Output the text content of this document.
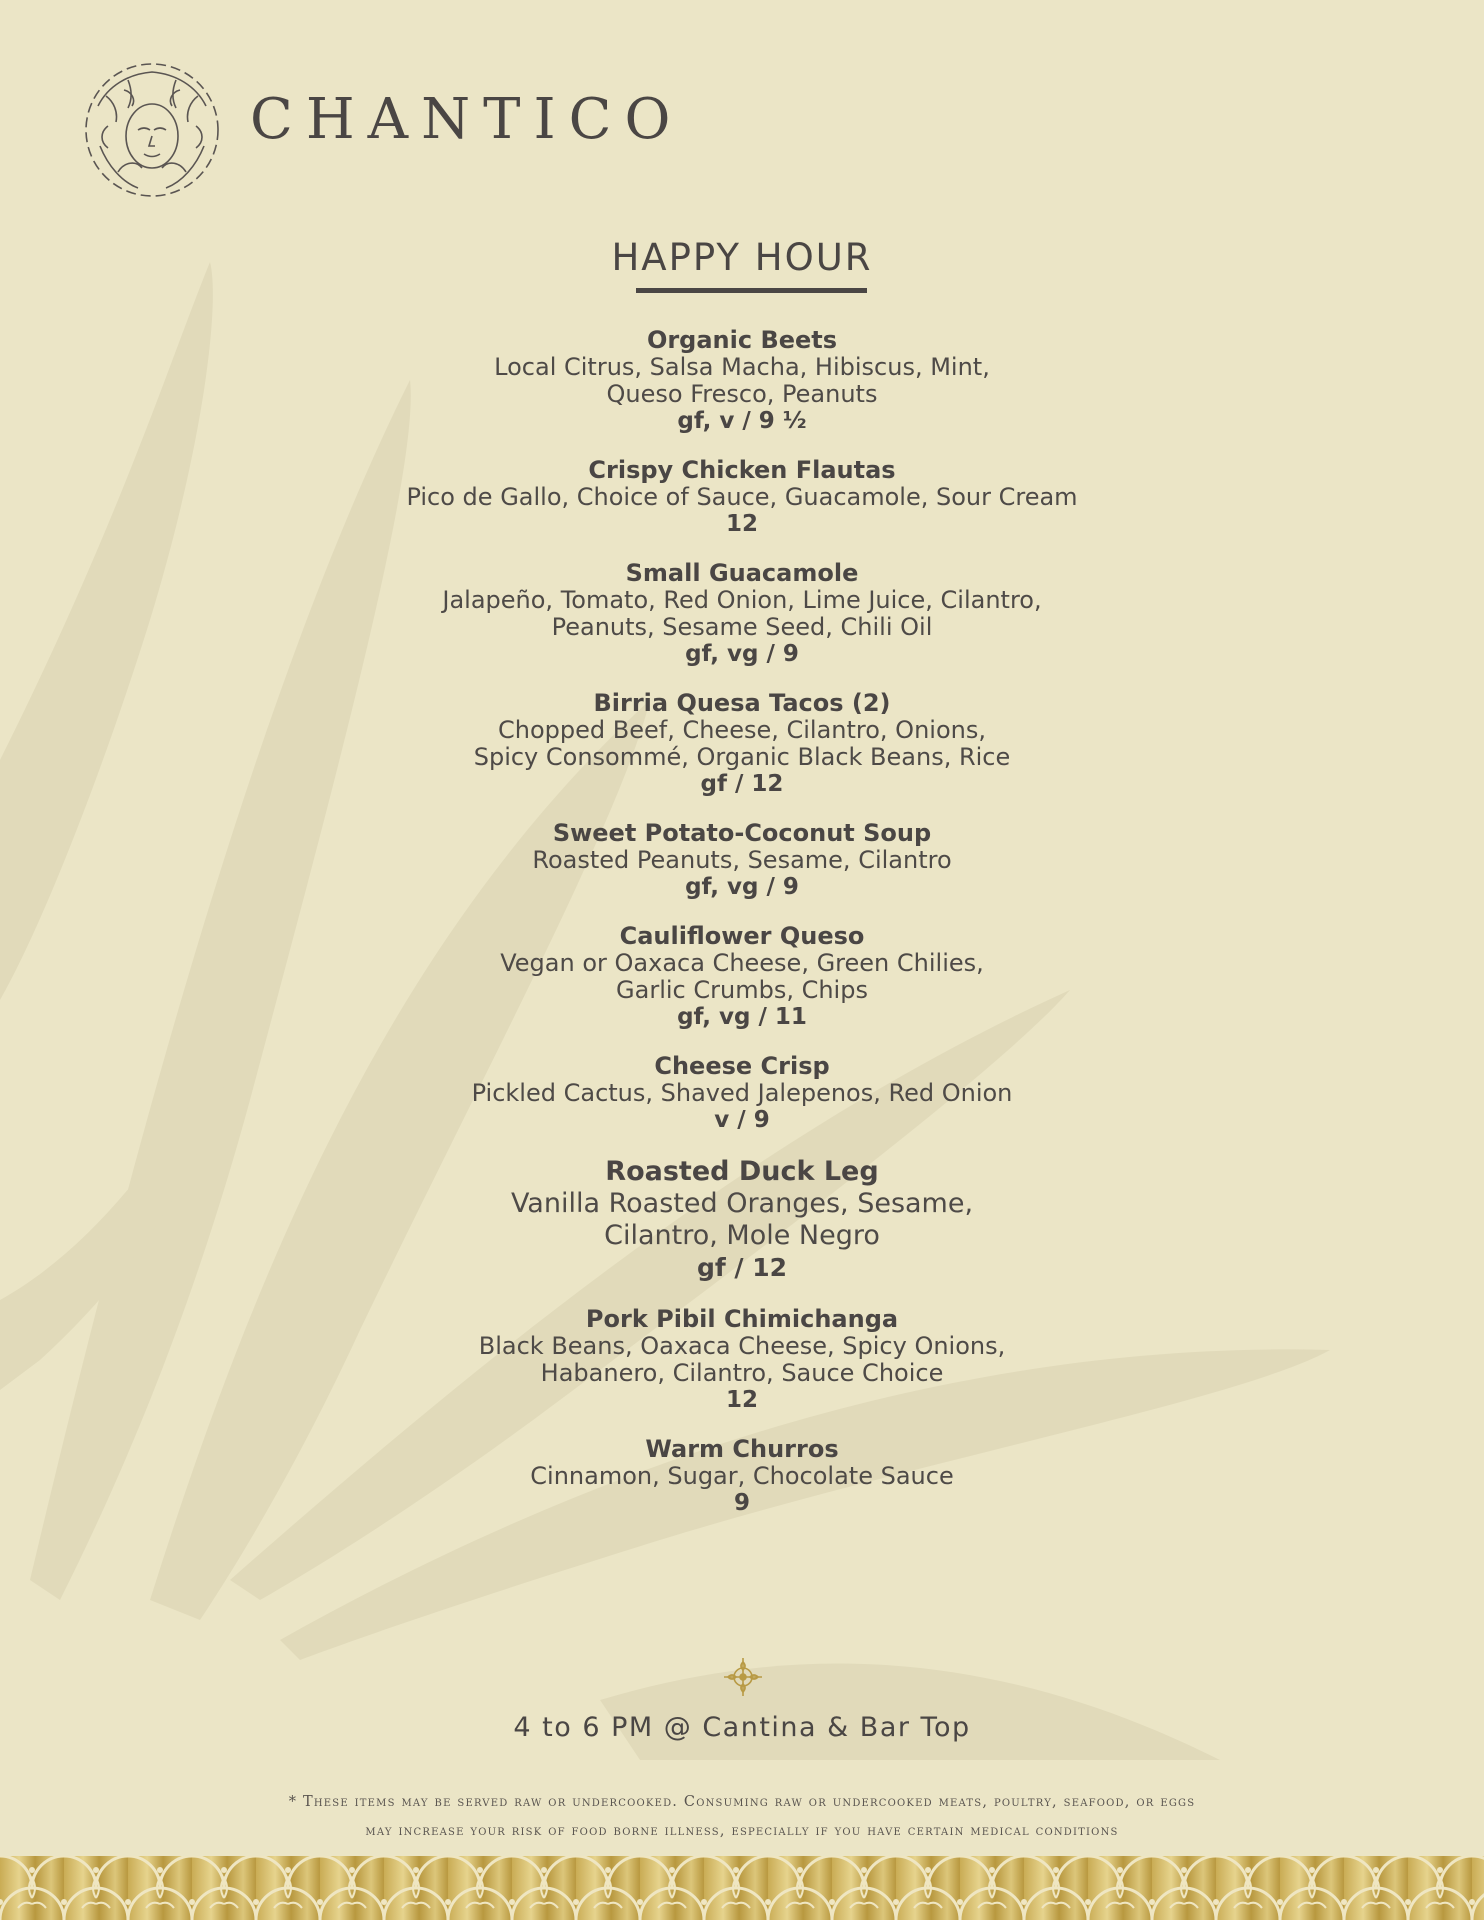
CHANTICO
HAPPY HOUR
Organic Beets
Local Citrus, Salsa Macha, Hibiscus, Mint,
Queso Fresco, Peanuts
gf, v / 9 ½
Crispy Chicken Flautas
Pico de Gallo, Choice of Sauce, Guacamole, Sour Cream
12
Small Guacamole
Jalapeño, Tomato, Red Onion, Lime Juice, Cilantro,
Peanuts, Sesame Seed, Chili Oil
gf, vg / 9
Birria Quesa Tacos (2)
Chopped Beef, Cheese, Cilantro, Onions,
Spicy Consommé, Organic Black Beans, Rice
gf / 12
Sweet Potato-Coconut Soup
Roasted Peanuts, Sesame, Cilantro
gf, vg / 9
Cauliflower Queso
Vegan or Oaxaca Cheese, Green Chilies,
Garlic Crumbs, Chips
gf, vg / 11
Cheese Crisp
Pickled Cactus, Shaved Jalepenos, Red Onion
v / 9
Roasted Duck Leg
Vanilla Roasted Oranges, Sesame,
Cilantro, Mole Negro
gf / 12
Pork Pibil Chimichanga
Black Beans, Oaxaca Cheese, Spicy Onions,
Habanero, Cilantro, Sauce Choice
12
Warm Churros
Cinnamon, Sugar, Chocolate Sauce
9
4 to 6 PM @ Cantina & Bar Top
* These items may be served raw or undercooked. Consuming raw or undercooked meats, poultry, seafood, or eggs
may increase your risk of food borne illness, especially if you have certain medical conditions
